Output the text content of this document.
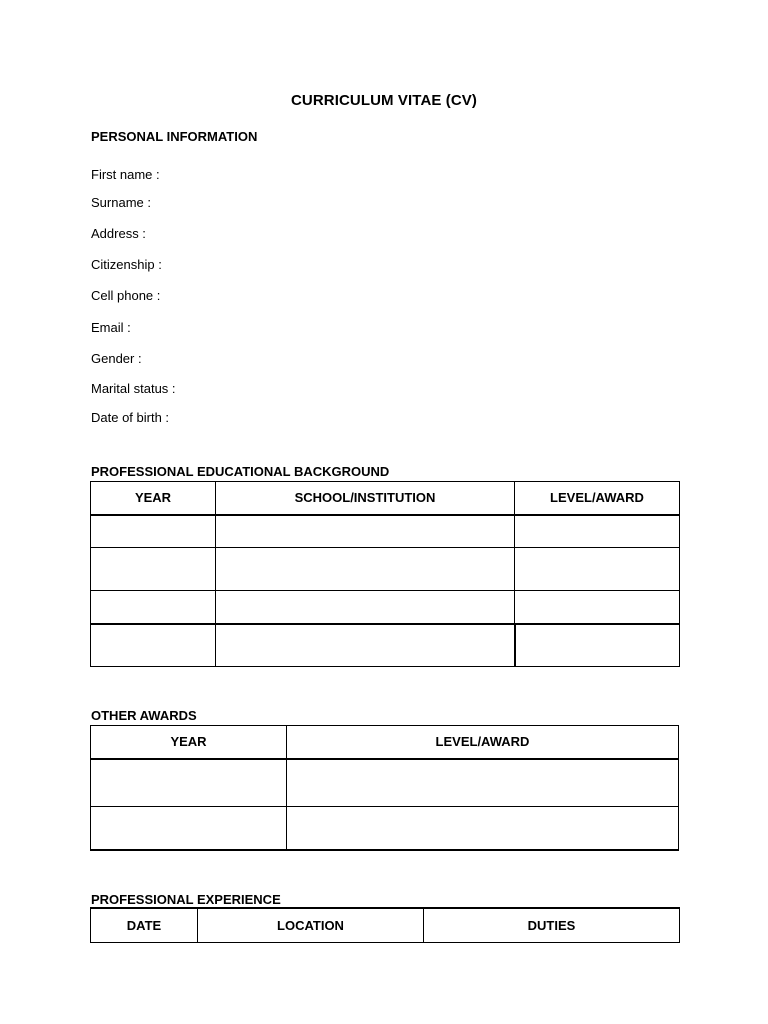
CURRICULUM VITAE (CV)
PERSONAL INFORMATION
First name :
Surname :
Address :
Citizenship :
Cell phone :
Email :
Gender :
Marital status :
Date of birth :
PROFESSIONAL EDUCATIONAL BACKGROUND
YEAR	SCHOOL/INSTITUTION	LEVEL/AWARD

OTHER AWARDS
YEAR	LEVEL/AWARD

PROFESSIONAL EXPERIENCE
DATE	LOCATION	DUTIES
